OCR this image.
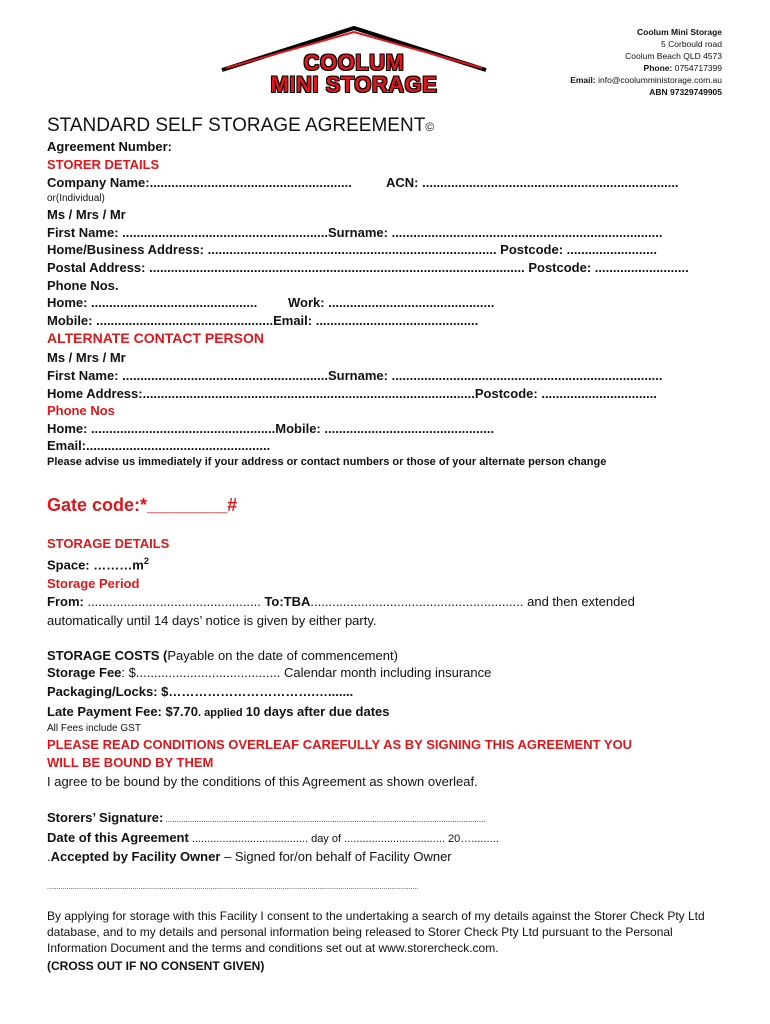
COOLUM
MINI STORAGE
Coolum Mini Storage
5 Corbould road
Coolum Beach QLD 4573
Phone: 0754717399
Email: info@coolumministorage.com.au
ABN 97329749905
STANDARD SELF STORAGE AGREEMENT©
Agreement Number:
STORER DETAILS
Company Name:........................................................	ACN: .......................................................................
or(Individual)
Ms / Mrs / Mr
First Name: .........................................................Surname: ...........................................................................
Home/Business Address: ................................................................................ Postcode: .........................
Postal Address: ........................................................................................................ Postcode: ..........................
Phone Nos.
Home: .............................................. Work: ..............................................
Mobile: .................................................Email: .............................................
ALTERNATE CONTACT PERSON
Ms / Mrs / Mr
First Name: .........................................................Surname: ...........................................................................
Home Address:............................................................................................Postcode: ................................
Phone Nos
Home: ...................................................Mobile: ...............................................
Email:...................................................
Please advise us immediately if your address or contact numbers or those of your alternate person change
Gate code:*________#
STORAGE DETAILS
Space: $\dots\dots\dots m^2$
Storage Period
From: ................................................ To:TBA........................................................... and then extended
automatically until 14 days’ notice is given by either party.
STORAGE COSTS (Payable on the date of commencement)
Storage Fee: $........................................ Calendar month including insurance
Packaging/Locks: $…………………………….….......
Late Payment Fee: $7.70. applied 10 days after due dates
All Fees include GST
PLEASE READ CONDITIONS OVERLEAF CAREFULLY AS BY SIGNING THIS AGREEMENT YOU
WILL BE BOUND BY THEM
I agree to be bound by the conditions of this Agreement as shown overleaf.
Storers’ Signature: ................................................................................................................................................
Date of this Agreement ...................................... day of ................................. 20….........
.Accepted by Facility Owner – Signed for/on behalf of Facility Owner
...............................................................................................................................................................................................
By applying for storage with this Facility I consent to the undertaking a search of my details against the Storer Check Pty Ltd database, and to my details and personal information being released to Storer Check Pty Ltd pursuant to the Personal Information Document and the terms and conditions set out at www.storercheck.com.
(CROSS OUT IF NO CONSENT GIVEN)
